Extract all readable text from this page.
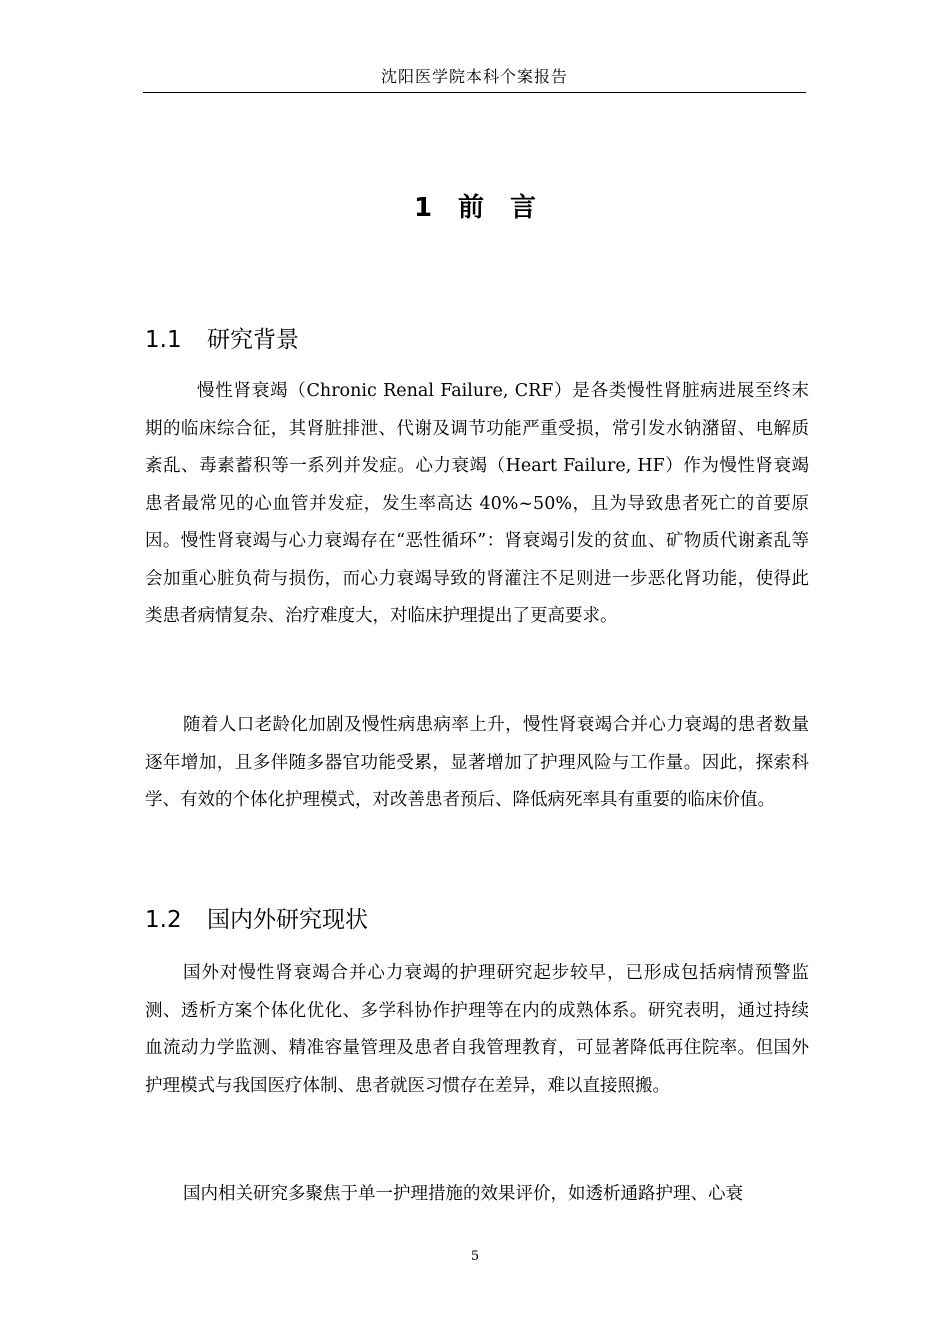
沈阳医学院本科个案报告
1　前　言
1.1 研究背景

慢性肾衰竭（Chronic Renal Failure, CRF）是各类慢性肾脏病进展至终末期的临床综合征，其肾脏排泄、代谢及调节功能严重受损，常引发水钠潴留、电解质紊乱、毒素蓄积等一系列并发症。心力衰竭（Heart Failure, HF）作为慢性肾衰竭患者最常见的心血管并发症，发生率高达 40%~50%，且为导致患者死亡的首要原因。慢性肾衰竭与心力衰竭存在“恶性循环”：肾衰竭引发的贫血、矿物质代谢紊乱等会加重心脏负荷与损伤，而心力衰竭导致的肾灌注不足则进一步恶化肾功能，使得此类患者病情复杂、治疗难度大，对临床护理提出了更高要求。

随着人口老龄化加剧及慢性病患病率上升，慢性肾衰竭合并心力衰竭的患者数量逐年增加，且多伴随多器官功能受累，显著增加了护理风险与工作量。因此，探索科学、有效的个体化护理模式，对改善患者预后、降低病死率具有重要的临床价值。

1.2 国内外研究现状

国外对慢性肾衰竭合并心力衰竭的护理研究起步较早，已形成包括病情预警监测、透析方案个体化优化、多学科协作护理等在内的成熟体系。研究表明，通过持续血流动力学监测、精准容量管理及患者自我管理教育，可显著降低再住院率。但国外护理模式与我国医疗体制、患者就医习惯存在差异，难以直接照搬。

国内相关研究多聚焦于单一护理措施的效果评价，如透析通路护理、心衰

5
